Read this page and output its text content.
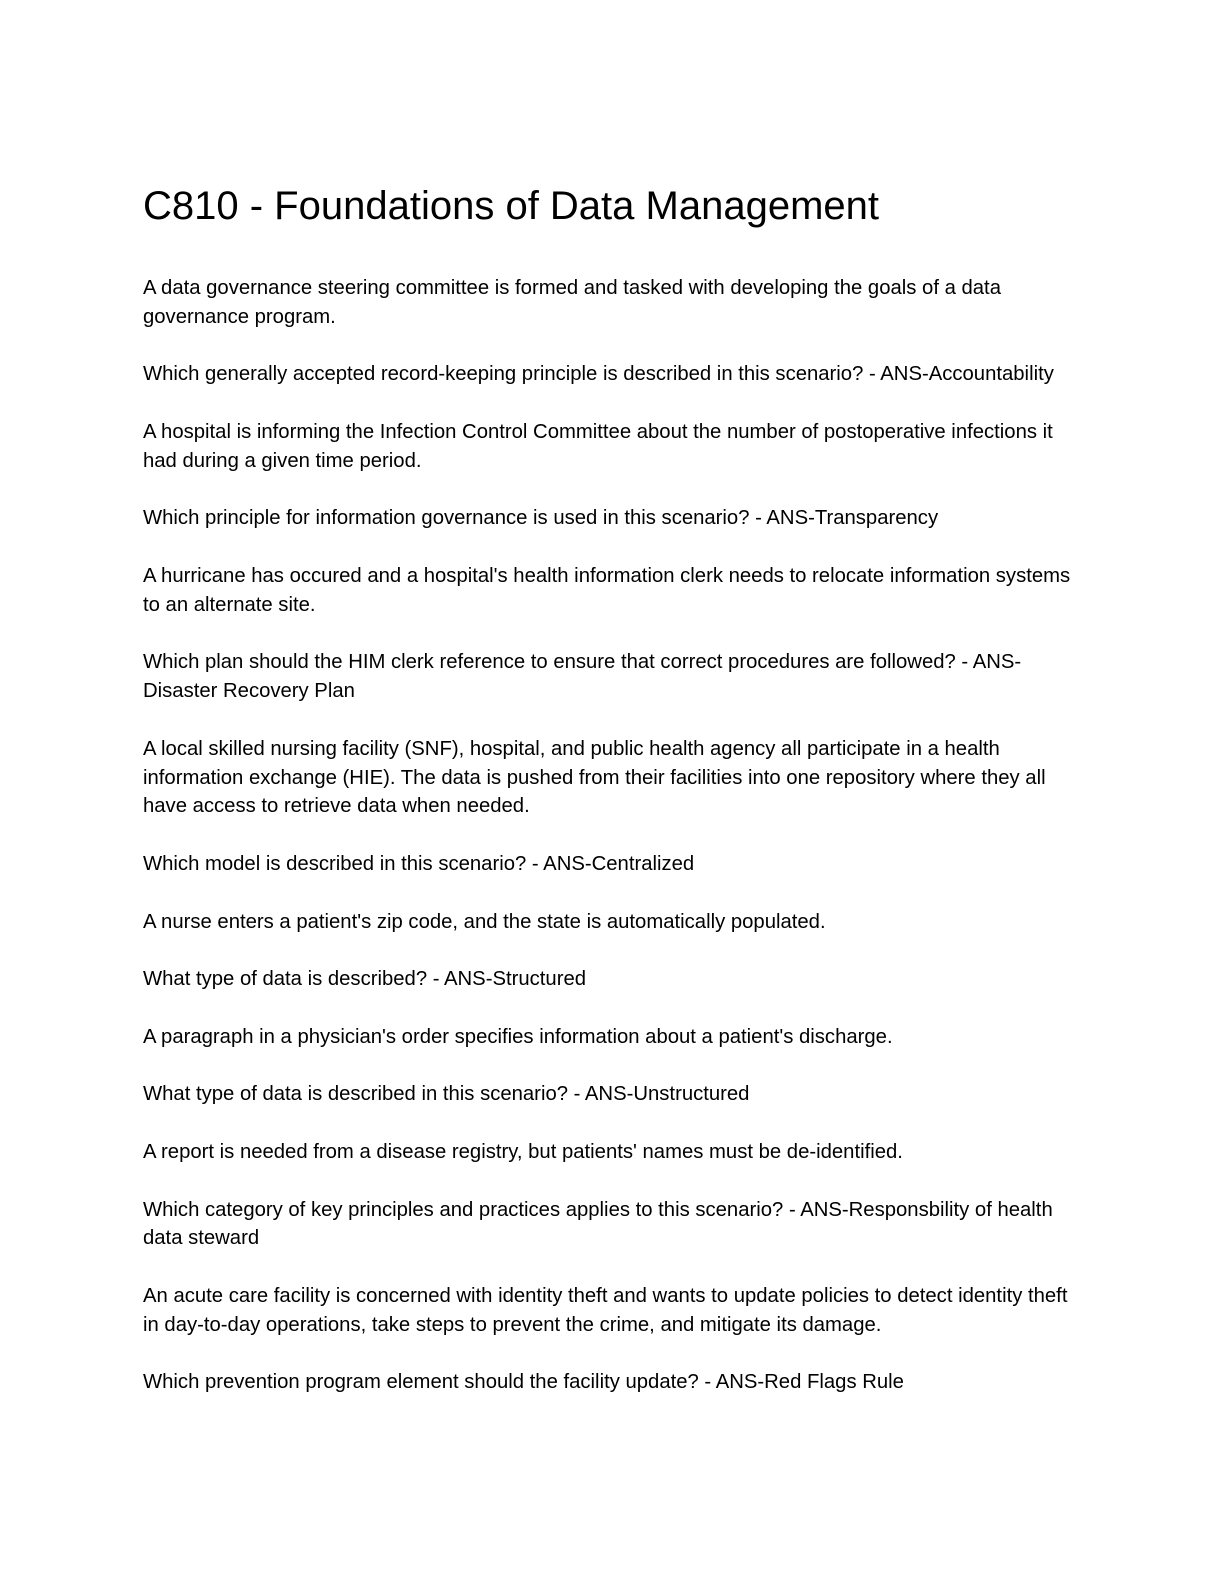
C810 - Foundations of Data Management

A data governance steering committee is formed and tasked with developing the goals of a data governance program.

Which generally accepted record-keeping principle is described in this scenario? - ANS-Accountability

A hospital is informing the Infection Control Committee about the number of postoperative infections it had during a given time period.

Which principle for information governance is used in this scenario? - ANS-Transparency

A hurricane has occured and a hospital's health information clerk needs to relocate information systems to an alternate site.

Which plan should the HIM clerk reference to ensure that correct procedures are followed? - ANS-Disaster Recovery Plan

A local skilled nursing facility (SNF), hospital, and public health agency all participate in a health information exchange (HIE). The data is pushed from their facilities into one repository where they all have access to retrieve data when needed.

Which model is described in this scenario? - ANS-Centralized

A nurse enters a patient's zip code, and the state is automatically populated.

What type of data is described? - ANS-Structured

A paragraph in a physician's order specifies information about a patient's discharge.

What type of data is described in this scenario? - ANS-Unstructured

A report is needed from a disease registry, but patients' names must be de-identified.

Which category of key principles and practices applies to this scenario? - ANS-Responsbility of health data steward

An acute care facility is concerned with identity theft and wants to update policies to detect identity theft in day-to-day operations, take steps to prevent the crime, and mitigate its damage.

Which prevention program element should the facility update? - ANS-Red Flags Rule
